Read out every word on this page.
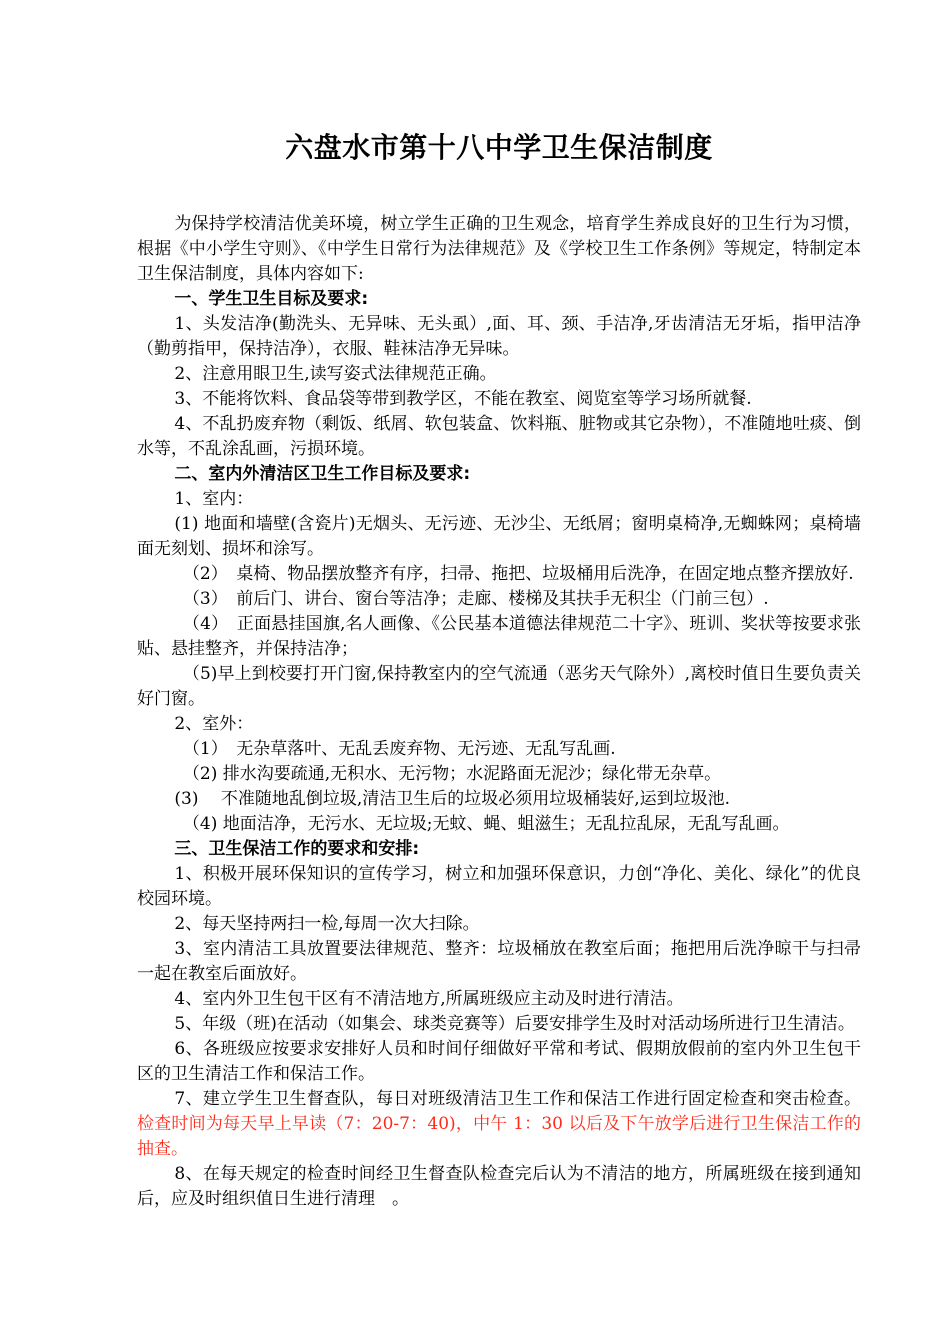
六盘水市第十八中学卫生保洁制度

为保持学校清洁优美环境，树立学生正确的卫生观念，培育学生养成良好的卫生行为习惯，根据《中小学生守则》、《中学生日常行为法律规范》及《学校卫生工作条例》等规定，特制定本卫生保洁制度，具体内容如下:

一、学生卫生目标及要求:

1、头发洁净(勤洗头、无异味、无头虱）,面、耳、颈、手洁净,牙齿清洁无牙垢，指甲洁净（勤剪指甲，保持洁净），衣服、鞋袜洁净无异味。

2、注意用眼卫生,读写姿式法律规范正确。

3、不能将饮料、食品袋等带到教学区，不能在教室、阅览室等学习场所就餐.

4、不乱扔废弃物（剩饭、纸屑、软包装盒、饮料瓶、脏物或其它杂物），不准随地吐痰、倒水等，不乱涂乱画，污损环境。

二、室内外清洁区卫生工作目标及要求:

1、室内：

(1) 地面和墙壁(含瓷片)无烟头、无污迹、无沙尘、无纸屑；窗明桌椅净,无蜘蛛网；桌椅墙面无刻划、损坏和涂写。

（2）　桌椅、物品摆放整齐有序，扫帚、拖把、垃圾桶用后洗净，在固定地点整齐摆放好.

（3）　前后门、讲台、窗台等洁净；走廊、楼梯及其扶手无积尘（门前三包）.

（4）　正面悬挂国旗,名人画像、《公民基本道德法律规范二十字》、班训、奖状等按要求张贴、悬挂整齐，并保持洁净；

（5)早上到校要打开门窗,保持教室内的空气流通（恶劣天气除外）,离校时值日生要负责关好门窗。

2、室外：

（1）　无杂草落叶、无乱丢废弃物、无污迹、无乱写乱画.

（2) 排水沟要疏通,无积水、无污物；水泥路面无泥沙；绿化带无杂草。

(3)　 不准随地乱倒垃圾,清洁卫生后的垃圾必须用垃圾桶装好,运到垃圾池.

（4) 地面洁净，无污水、无垃圾;无蚊、蝇、蛆滋生；无乱拉乱尿，无乱写乱画。

三、卫生保洁工作的要求和安排:

1、积极开展环保知识的宣传学习，树立和加强环保意识，力创“净化、美化、绿化”的优良校园环境。

2、每天坚持两扫一检,每周一次大扫除。

3、室内清洁工具放置要法律规范、整齐：垃圾桶放在教室后面；拖把用后洗净晾干与扫帚一起在教室后面放好。

4、室内外卫生包干区有不清洁地方,所属班级应主动及时进行清洁。

5、年级（班)在活动（如集会、球类竞赛等）后要安排学生及时对活动场所进行卫生清洁。

6、各班级应按要求安排好人员和时间仔细做好平常和考试、假期放假前的室内外卫生包干区的卫生清洁工作和保洁工作。

7、建立学生卫生督查队，每日对班级清洁卫生工作和保洁工作进行固定检查和突击检查。检查时间为每天早上早读（7：20-7：40)，中午 1：30 以后及下午放学后进行卫生保洁工作的抽查。

8、在每天规定的检查时间经卫生督查队检查完后认为不清洁的地方，所属班级在接到通知后，应及时组织值日生进行清理　。
